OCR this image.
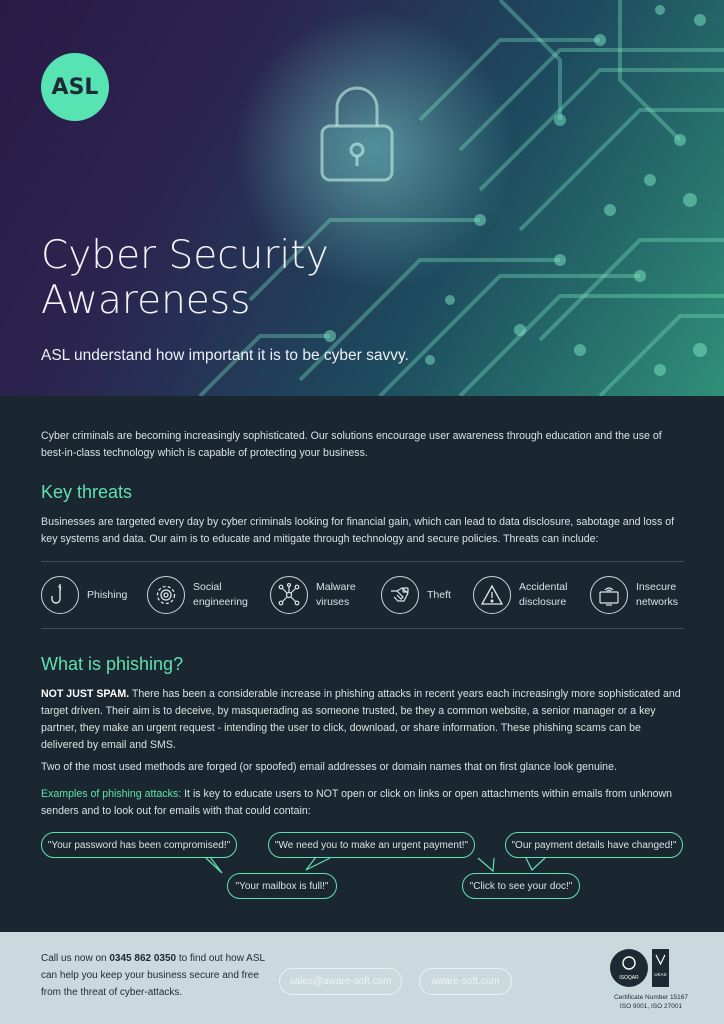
ASL
Cyber Security Awareness

ASL understand how important it is to be cyber savvy.

Cyber criminals are becoming increasingly sophisticated. Our solutions encourage user awareness through education and the use of best-in-class technology which is capable of protecting your business.

Key threats

Businesses are targeted every day by cyber criminals looking for financial gain, which can lead to data disclosure, sabotage and loss of key systems and data. Our aim is to educate and mitigate through technology and secure policies. Threats can include:

Phishing
Social
engineering
Malware
viruses
Theft
Accidental
disclosure
Insecure
networks
What is phishing?

NOT JUST SPAM. There has been a considerable increase in phishing attacks in recent years each increasingly more sophisticated and target driven. Their aim is to deceive, by masquerading as someone trusted, be they a common website, a senior manager or a key partner, they make an urgent request - intending the user to click, download, or share information. These phishing scams can be delivered by email and SMS.

Two of the most used methods are forged (or spoofed) email addresses or domain names that on first glance look genuine.

Examples of phishing attacks: It is key to educate users to NOT open or click on links or open attachments within emails from unknown senders and to look out for emails with that could contain:

"Your password has been compromised!"	"We need you to make an urgent payment!"	"Our payment details have changed!"
"Your mailbox is full!"	"Click to see your doc!"

Call us now on 0345 862 0350 to find out how ASL can help you keep your business secure and free from the threat of cyber-attacks.

sales@aware-soft.com	aware-soft.com	ISOQAR
UKAS
Certificate Number 15167
ISO 9001, ISO 27001
